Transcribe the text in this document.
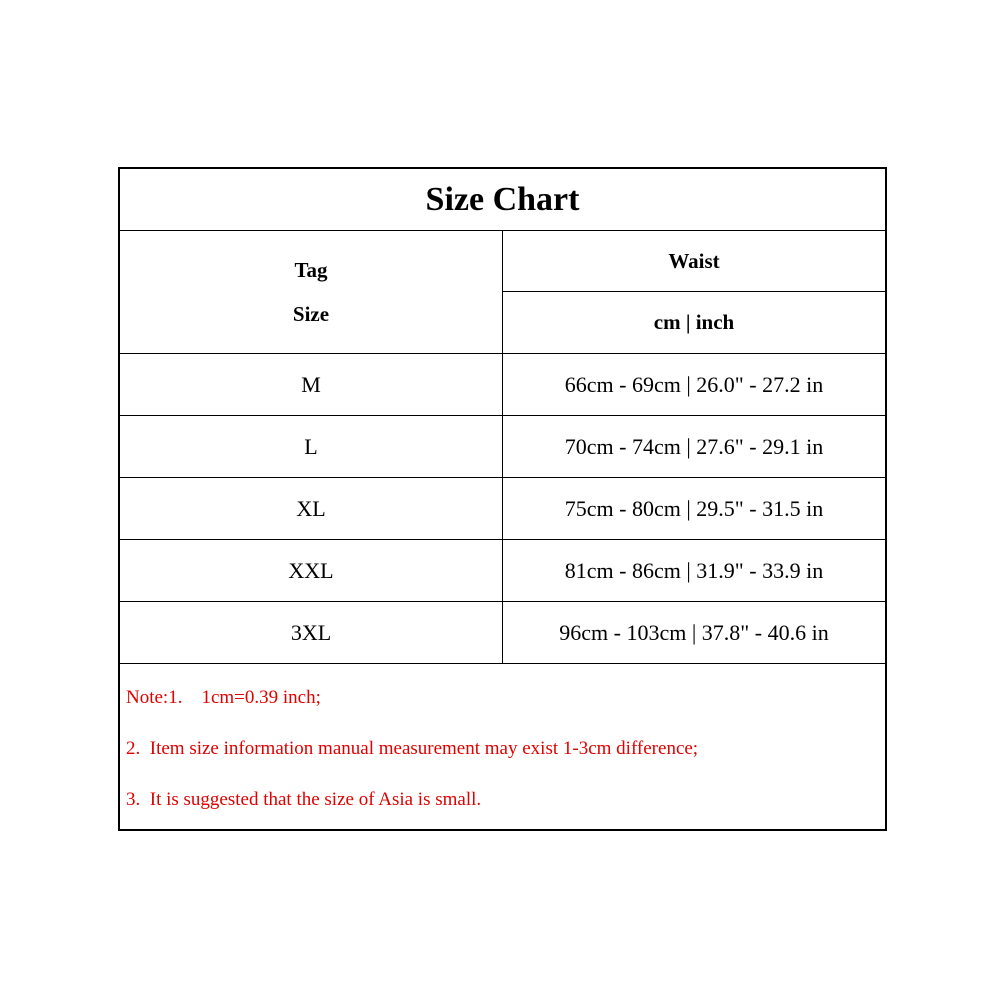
Size Chart	

Tag
Size	Waist
	cm | inch
M	66cm - 69cm | 26.0" - 27.2 in
L	70cm - 74cm | 27.6" - 29.1 in
XL	75cm - 80cm | 29.5" - 31.5 in
XXL	81cm - 86cm | 31.9" - 33.9 in
3XL	96cm - 103cm | 37.8" - 40.6 in
Note:1.    1cm=0.39 inch;
2.  Item size information manual measurement may exist 1-3cm difference;
3.  It is suggested that the size of Asia is small.
